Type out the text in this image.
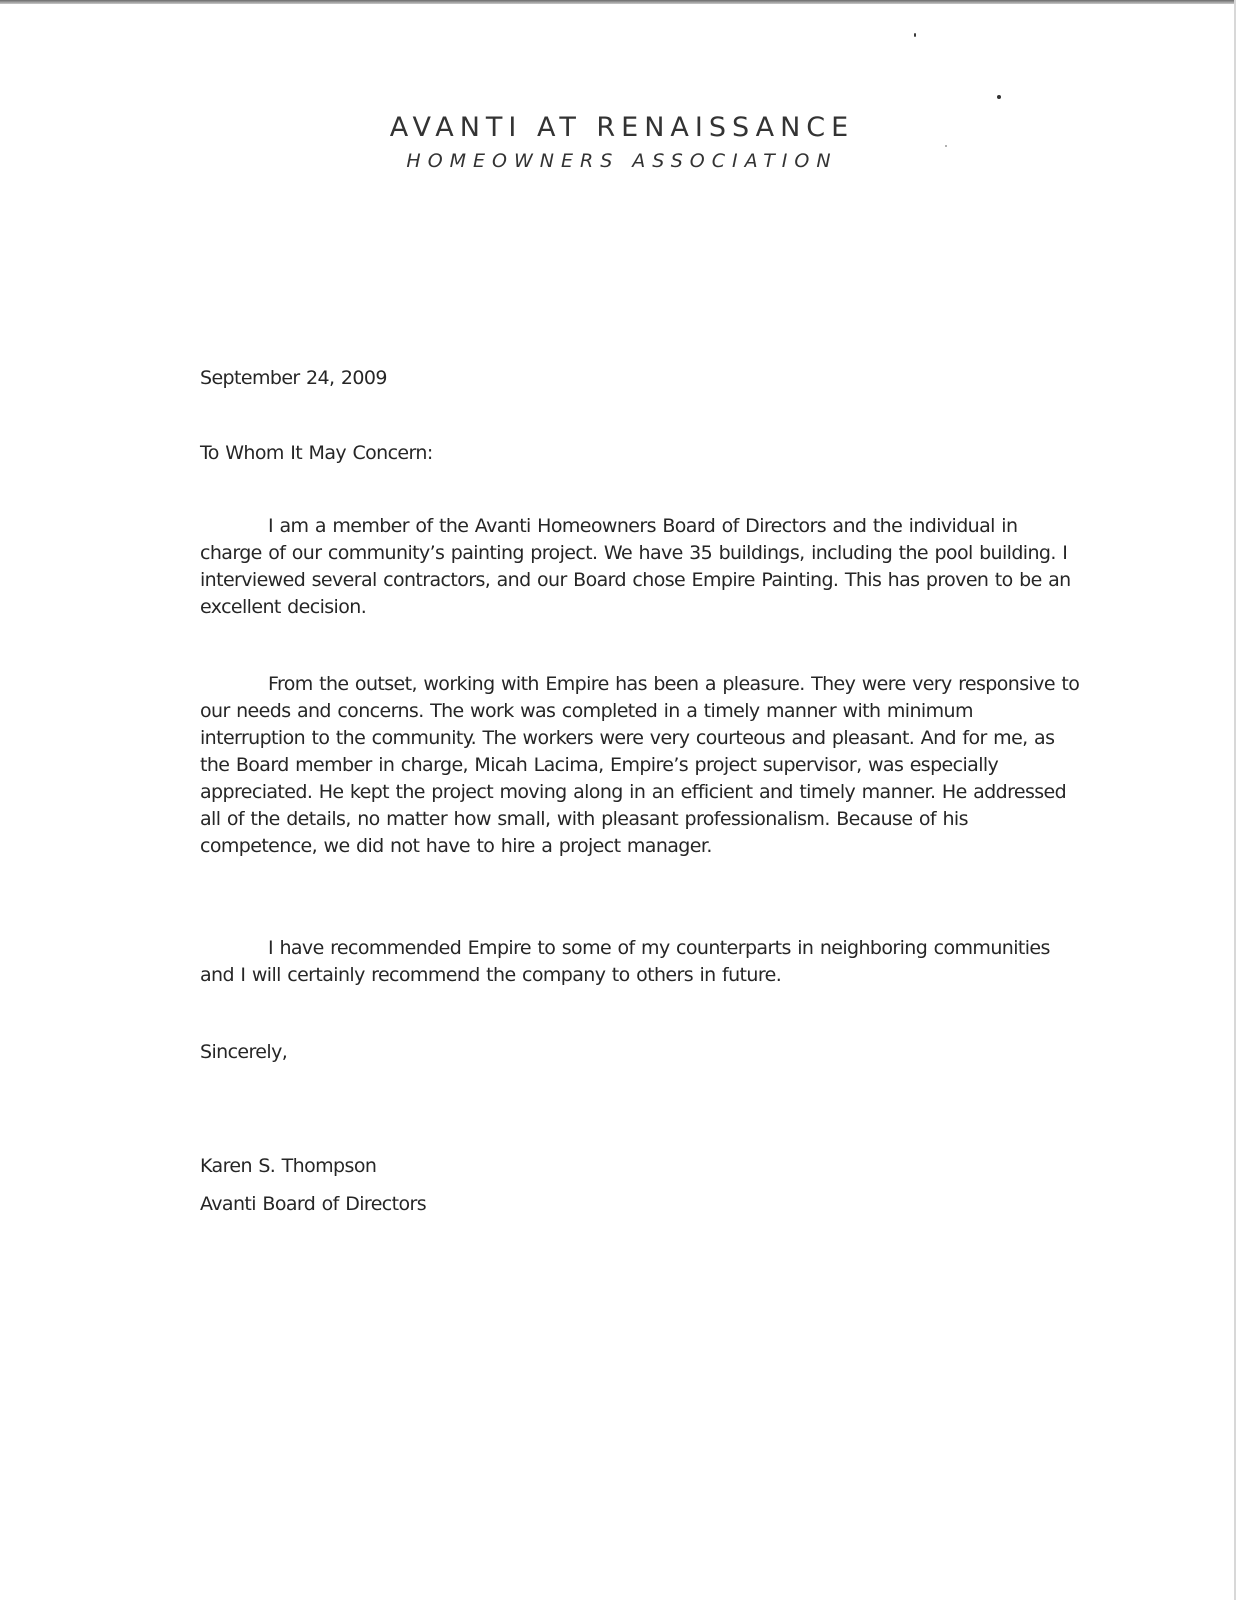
AVANTI AT RENAISSANCE
HOMEOWNERS ASSOCIATION

September 24, 2009

To Whom It May Concern:

I am a member of the Avanti Homeowners Board of Directors and the individual in charge of our community’s painting project. We have 35 buildings, including the pool building. I interviewed several contractors, and our Board chose Empire Painting. This has proven to be an excellent decision.

From the outset, working with Empire has been a pleasure. They were very responsive to our needs and concerns. The work was completed in a timely manner with minimum interruption to the community. The workers were very courteous and pleasant. And for me, as the Board member in charge, Micah Lacima, Empire’s project supervisor, was especially appreciated. He kept the project moving along in an efficient and timely manner. He addressed all of the details, no matter how small, with pleasant professionalism. Because of his competence, we did not have to hire a project manager.

I have recommended Empire to some of my counterparts in neighboring communities and I will certainly recommend the company to others in future.

Sincerely,

Karen S. Thompson

Avanti Board of Directors
